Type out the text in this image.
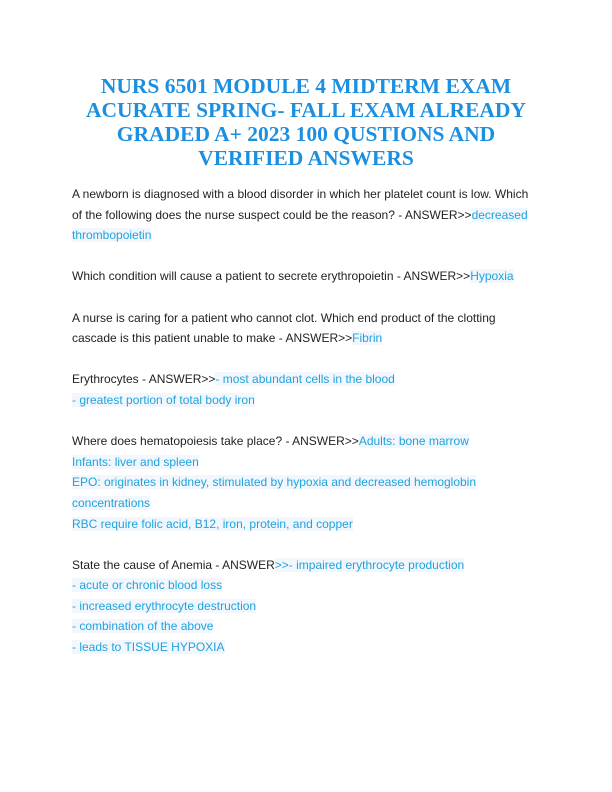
NURS 6501 MODULE 4 MIDTERM EXAM
ACURATE SPRING- FALL EXAM ALREADY
GRADED A+ 2023 100 QUSTIONS AND
VERIFIED ANSWERS
A newborn is diagnosed with a blood disorder in which her platelet count is low. Which
of the following does the nurse suspect could be the reason? - ANSWER>>decreased
thrombopoietin
Which condition will cause a patient to secrete erythropoietin - ANSWER>>Hypoxia
A nurse is caring for a patient who cannot clot. Which end product of the clotting
cascade is this patient unable to make - ANSWER>>Fibrin
Erythrocytes - ANSWER>>- most abundant cells in the blood
- greatest portion of total body iron
Where does hematopoiesis take place? - ANSWER>>Adults: bone marrow
Infants: liver and spleen
EPO: originates in kidney, stimulated by hypoxia and decreased hemoglobin
concentrations
RBC require folic acid, B12, iron, protein, and copper
State the cause of Anemia - ANSWER>>- impaired erythrocyte production
- acute or chronic blood loss
- increased erythrocyte destruction
- combination of the above
- leads to TISSUE HYPOXIA
